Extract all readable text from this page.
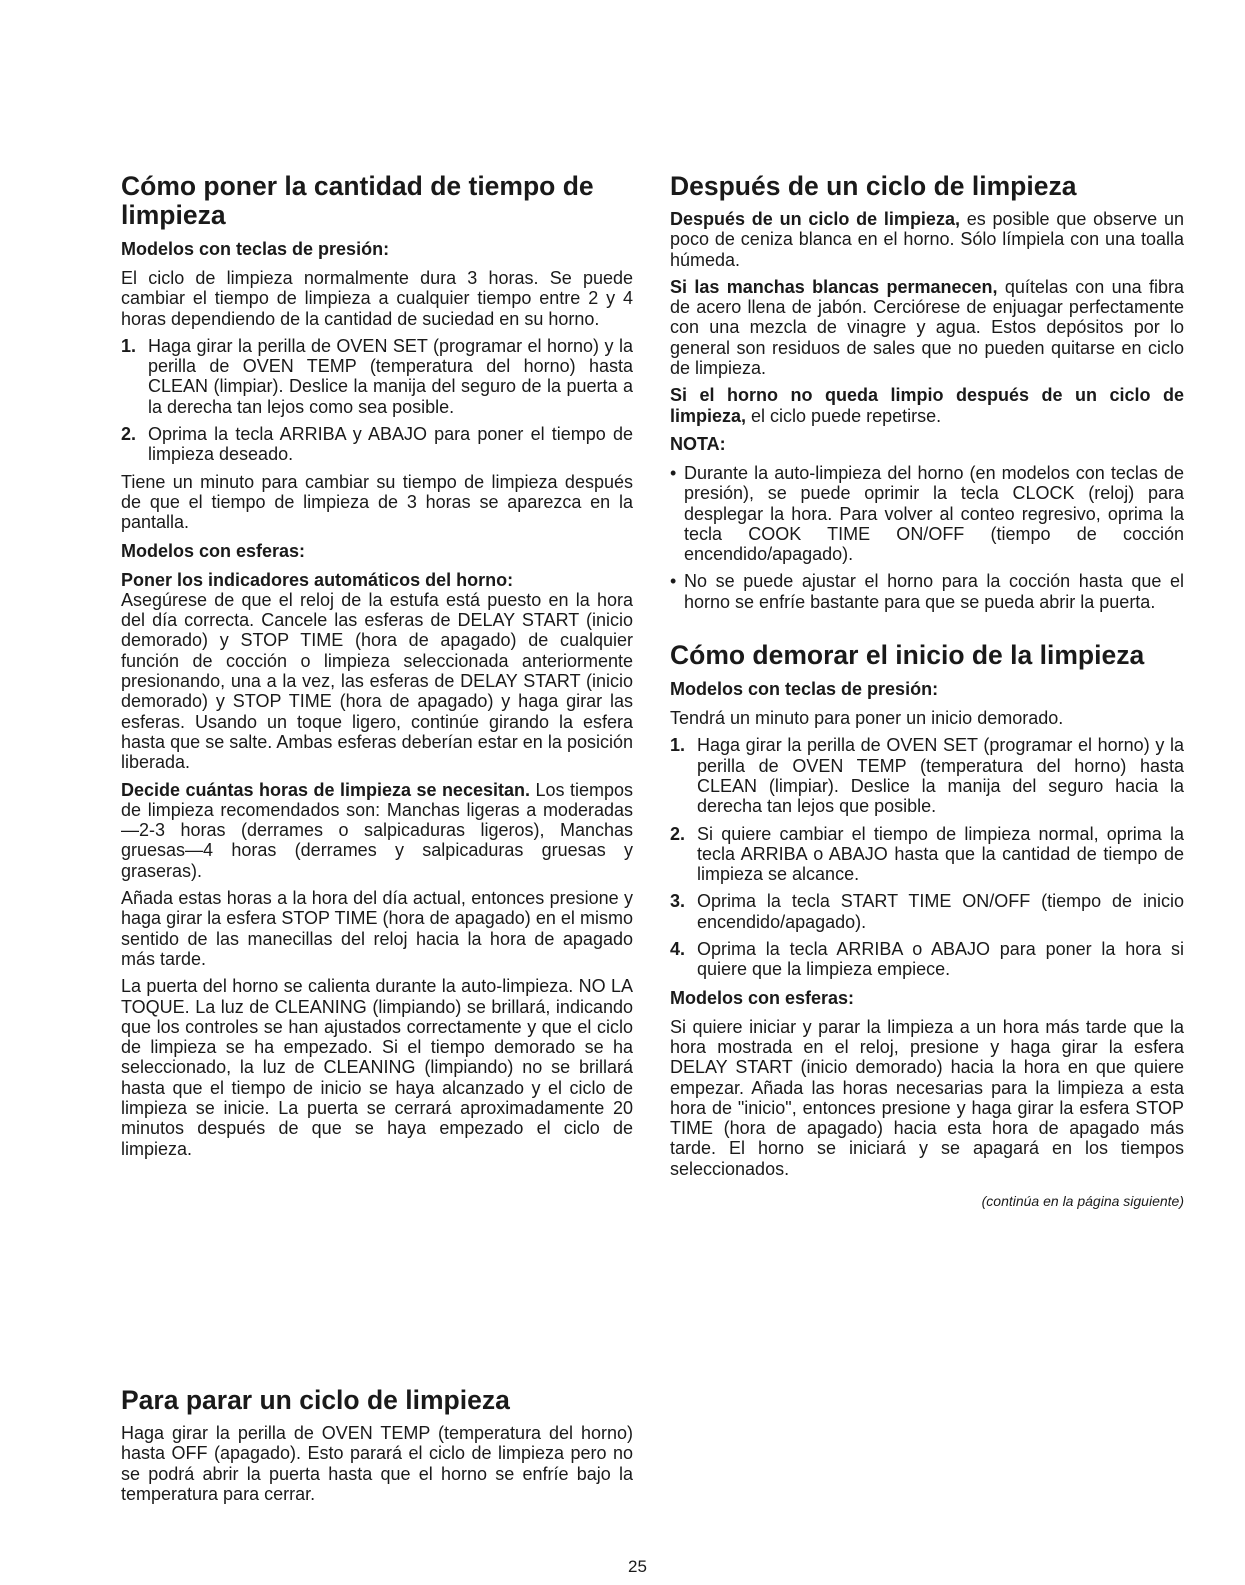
Cómo poner la cantidad de tiempo de limpieza
Modelos con teclas de presión:

El ciclo de limpieza normalmente dura 3 horas. Se puede cambiar el tiempo de limpieza a cualquier tiempo entre 2 y 4 horas dependiendo de la cantidad de suciedad en su horno.

1. Haga girar la perilla de OVEN SET (programar el horno) y la perilla de OVEN TEMP (temperatura del horno) hasta CLEAN (limpiar). Deslice la manija del seguro de la puerta a la derecha tan lejos como sea posible.
2. Oprima la tecla ARRIBA y ABAJO para poner el tiempo de limpieza deseado.

Tiene un minuto para cambiar su tiempo de limpieza después de que el tiempo de limpieza de 3 horas se aparezca en la pantalla.

Modelos con esferas:

Poner los indicadores automáticos del horno:
Asegúrese de que el reloj de la estufa está puesto en la hora del día correcta. Cancele las esferas de DELAY START (inicio demorado) y STOP TIME (hora de apagado) de cualquier función de cocción o limpieza seleccionada anteriormente presionando, una a la vez, las esferas de DELAY START (inicio demorado) y STOP TIME (hora de apagado) y haga girar las esferas. Usando un toque ligero, continúe girando la esfera hasta que se salte. Ambas esferas deberían estar en la posición liberada.

Decide cuántas horas de limpieza se necesitan. Los tiempos de limpieza recomendados son: Manchas ligeras a moderadas—2-3 horas (derrames o salpicaduras ligeros), Manchas gruesas—4 horas (derrames y salpicaduras gruesas y graseras).

Añada estas horas a la hora del día actual, entonces presione y haga girar la esfera STOP TIME (hora de apagado) en el mismo sentido de las manecillas del reloj hacia la hora de apagado más tarde.

La puerta del horno se calienta durante la auto-limpieza. NO LA TOQUE. La luz de CLEANING (limpiando) se brillará, indicando que los controles se han ajustados correctamente y que el ciclo de limpieza se ha empezado. Si el tiempo demorado se ha seleccionado, la luz de CLEANING (limpiando) no se brillará hasta que el tiempo de inicio se haya alcanzado y el ciclo de limpieza se inicie. La puerta se cerrará aproximadamente 20 minutos después de que se haya empezado el ciclo de limpieza.

Para parar un ciclo de limpieza

Haga girar la perilla de OVEN TEMP (temperatura del horno) hasta OFF (apagado). Esto parará el ciclo de limpieza pero no se podrá abrir la puerta hasta que el horno se enfríe bajo la temperatura para cerrar.

Después de un ciclo de limpieza

Después de un ciclo de limpieza, es posible que observe un poco de ceniza blanca en el horno. Sólo límpiela con una toalla húmeda.

Si las manchas blancas permanecen, quítelas con una fibra de acero llena de jabón. Cerciórese de enjuagar perfectamente con una mezcla de vinagre y agua. Estos depósitos por lo general son residuos de sales que no pueden quitarse en ciclo de limpieza.

Si el horno no queda limpio después de un ciclo de limpieza, el ciclo puede repetirse.

NOTA:
• Durante la auto-limpieza del horno (en modelos con teclas de presión), se puede oprimir la tecla CLOCK (reloj) para desplegar la hora. Para volver al conteo regresivo, oprima la tecla COOK TIME ON/OFF (tiempo de cocción encendido/apagado).
• No se puede ajustar el horno para la cocción hasta que el horno se enfríe bastante para que se pueda abrir la puerta.
Cómo demorar el inicio de la limpieza
Modelos con teclas de presión:

Tendrá un minuto para poner un inicio demorado.

1. Haga girar la perilla de OVEN SET (programar el horno) y la perilla de OVEN TEMP (temperatura del horno) hasta CLEAN (limpiar). Deslice la manija del seguro hacia la derecha tan lejos que posible.
2. Si quiere cambiar el tiempo de limpieza normal, oprima la tecla ARRIBA o ABAJO hasta que la cantidad de tiempo de limpieza se alcance.
3. Oprima la tecla START TIME ON/OFF (tiempo de inicio encendido/apagado).
4. Oprima la tecla ARRIBA o ABAJO para poner la hora si quiere que la limpieza empiece.
Modelos con esferas:

Si quiere iniciar y parar la limpieza a un hora más tarde que la hora mostrada en el reloj, presione y haga girar la esfera DELAY START (inicio demorado) hacia la hora en que quiere empezar. Añada las horas necesarias para la limpieza a esta hora de "inicio", entonces presione y haga girar la esfera STOP TIME (hora de apagado) hacia esta hora de apagado más tarde. El horno se iniciará y se apagará en los tiempos seleccionados.

(continúa en la página siguiente)
25
